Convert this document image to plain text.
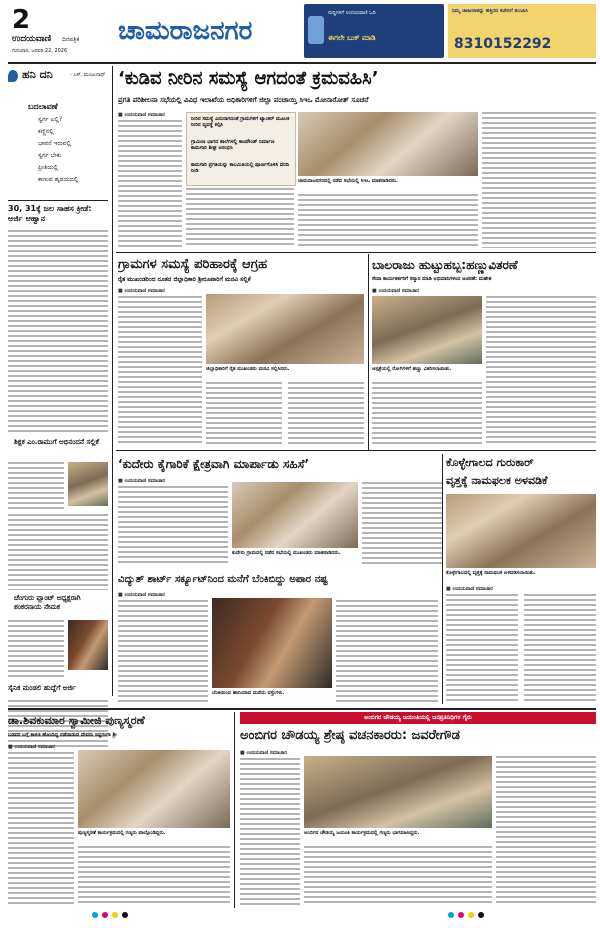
2
ಉದಯವಾಣಿ ದಿನಪತ್ರಿಕೆ
ಗುರುವಾರ, ಜನವರಿ 22, 2026
ಚಾಮರಾಜನಗರ
ಸುದ್ದಿಗಳಿಗೆ ಉದಯವಾಣಿ ಓದಿ
ಈಗಲೇ ಬುಕ್ ಮಾಡಿ
ನಿಮ್ಮ ಜಾಹೀರಾತನ್ನು ಹತ್ತಿರದ ಕಚೇರಿಗೆ ತಲುಪಿಸಿ
8310152292
ಹನಿ ದನಿ	- ಎಸ್. ಮಂಜುನಾಥ್
ಬದಲಾವಣೆ
ಸ್ವರ್ಗ ಎಲ್ಲಿ?
ಕಣ್ಣಿನಲ್ಲಿ
ಭಾವನೆ ಇರುವಲ್ಲಿ
ಸ್ವರ್ಗ ಬೇಕು
ಪ್ರೀತಿಯಲ್ಲಿ
ಕಾಣುವ ಹೃದಯದಲ್ಲಿ
30, 31ಕ್ಕೆ ಜಲ ಸಾಹಸ ಕ್ರೀಡೆ: ಅರ್ಜಿ ಆಹ್ವಾನ
ಶಿಕ್ಷಕ ಎಂ.ರಾಮುಗೆ ಅಭಿನಂದನೆ ಸಲ್ಲಿಕೆ
ಚೆಂಗುರು ಪ್ಲಾಂಟ್ ಅಧ್ಯಕ್ಷರಾಗಿ ಶಂಕರನಾಯ ನೇಮಕ
ಸೈನಿಕ ಮಂಡಲಿ ಹುದ್ದೆಗೆ ಅರ್ಜಿ
‘ಕುಡಿವ ನೀರಿನ ಸಮಸ್ಯೆ ಆಗದಂತೆ ಕ್ರಮವಹಿಸಿ’
ಪ್ರಗತಿ ಪರಿಶೀಲನಾ ಸಭೆಯಲ್ಲಿ ವಿವಿಧ ಇಲಾಖೆಯ ಅಧಿಕಾರಿಗಳಿಗೆ ಜಿಲ್ಲಾ ಪಂಚಾಯ್ತಿ ಸಿಇಒ ಮೋನಾರೋತ್ ಸೂಚನೆ
■ ಉದಯವಾಣಿ ಸಮಾಚಾರ
ನೀರಿನ ಸಮಸ್ಯೆ ಎದುರಾಗದಂತೆ ಗ್ರಾಮಗಳಿಗೆ ಟ್ಯಾಂಕರ್ ಮೂಲಕ ನೀರಿನ ವ್ಯವಸ್ಥೆ ಕಲ್ಪಿಸಿ
ಗ್ರಾಮೀಣ ಭಾಗದ ಶಾಲೆಗಳಲ್ಲಿ ಕಾಂಪೌಂಡ್ ನಿರ್ಮಾಣ ಕಾಮಗಾರಿ ಶೀಘ್ರ ಆರಂಭಿಸಿ
ಕಾಮಗಾರಿ ಪ್ರಗತಿಯನ್ನು ಕಾಲಮಿತಿಯಲ್ಲಿ ಪೂರ್ಣಗೊಳಿಸಿ ವರದಿ ನೀಡಿ
ಚಾಮರಾಜನಗರದಲ್ಲಿ ನಡೆದ ಸಭೆಯಲ್ಲಿ ಸಿಇಒ ಮಾತನಾಡಿದರು.
ಗ್ರಾಮಗಳ ಸಮಸ್ಯೆ ಪರಿಹಾರಕ್ಕೆ ಆಗ್ರಹ
ರೈತ ಮುಖಂಡರಿಂದ ನೂತನ ಜಿಲ್ಲಾಧಿಕಾರಿ ಶ್ರೀರೂಪಾರಿಗೆ ಮನವಿ ಸಲ್ಲಿಕೆ
■ ಉದಯವಾಣಿ ಸಮಾಚಾರ
ಜಿಲ್ಲಾಧಿಕಾರಿಗೆ ರೈತ ಮುಖಂಡರು ಮನವಿ ಸಲ್ಲಿಸಿದರು.
ಬಾಲರಾಜು ಹುಟ್ಟುಹಬ್ಬ:ಹಣ್ಣುವಿತರಣೆ
ಸೇವಾ ಕಾರ್ಯಕರ್ತರಿಗೆ ಸನ್ಮಾನ ಮಾಡಿ ಅಭಿಮಾನಿಗಳಿಂದ ಆಚರಣೆ: ಮಹೇಶ
■ ಉದಯವಾಣಿ ಸಮಾಚಾರ
ಆಸ್ಪತ್ರೆಯಲ್ಲಿ ರೋಗಿಗಳಿಗೆ ಹಣ್ಣು ವಿತರಿಸಲಾಯಿತು.
‘ಕುದೇರು ಕೈಗಾರಿಕೆ ಕ್ಷೇತ್ರವಾಗಿ ಮಾರ್ಪಾಡು ಸಹಿಸೆ’
■ ಉದಯವಾಣಿ ಸಮಾಚಾರ
ಕುದೇರು ಗ್ರಾಮದಲ್ಲಿ ನಡೆದ ಸಭೆಯಲ್ಲಿ ಮುಖಂಡರು ಮಾತನಾಡಿದರು.
ಕೊಳ್ಳೇಗಾಲದ ಗುರುಕಾರ್
ವೃತ್ತಕ್ಕೆ ನಾಮಫಲಕ ಅಳವಡಿಕೆ
ಕೊಳ್ಳೇಗಾಲದಲ್ಲಿ ವೃತ್ತಕ್ಕೆ ನಾಮಫಲಕ ಅಳವಡಿಸಲಾಯಿತು.
■ ಉದಯವಾಣಿ ಸಮಾಚಾರ
ವಿದ್ಯುತ್ ಶಾರ್ಟ್ ಸರ್ಕ್ಯೂಟ್‌ನಿಂದ ಮನೆಗೆ ಬೆಂಕಿಬಿದ್ದು ಅಪಾರ ನಷ್ಟ
■ ಉದಯವಾಣಿ ಸಮಾಚಾರ
ಬೆಂಕಿಯಿಂದ ಹಾನಿಯಾದ ಮನೆಯ ವಸ್ತುಗಳು.
ಡಾ.ಶಿವಕುಮಾರ ಸ್ವಾಮೀಜಿ ಪುಣ್ಯಸ್ಮರಣೆ
ಬಡವರ ಬಗ್ಗೆ ಕಾಳಜಿ ಹೊಂದಿದ್ದ ನಡೆದಾಡುವ ದೇವರು ಸಿದ್ದಗಂಗಾ ಶ್ರೀ
■ ಉದಯವಾಣಿ ಸಮಾಚಾರ
ಪುಣ್ಯಸ್ಮರಣೆ ಕಾರ್ಯಕ್ರಮದಲ್ಲಿ ಗಣ್ಯರು ಪಾಲ್ಗೊಂಡಿದ್ದರು.
ಅಂಬಿಗರ ಚೌಡಯ್ಯ ಜಯಂತಿಯಲ್ಲಿ ಜನಪ್ರತಿನಿಧಿಗಳ ಗೈರು
ಅಂಬಿಗರ ಚೌಡಯ್ಯ ಶ್ರೇಷ್ಠ ವಚನಕಾರರು: ಜವರೇಗೌಡ
■ ಉದಯವಾಣಿ ಸಮಾಚಾರ
ಅಂಬಿಗರ ಚೌಡಯ್ಯ ಜಯಂತಿ ಕಾರ್ಯಕ್ರಮದಲ್ಲಿ ಗಣ್ಯರು ಭಾಗವಹಿಸಿದ್ದರು.
